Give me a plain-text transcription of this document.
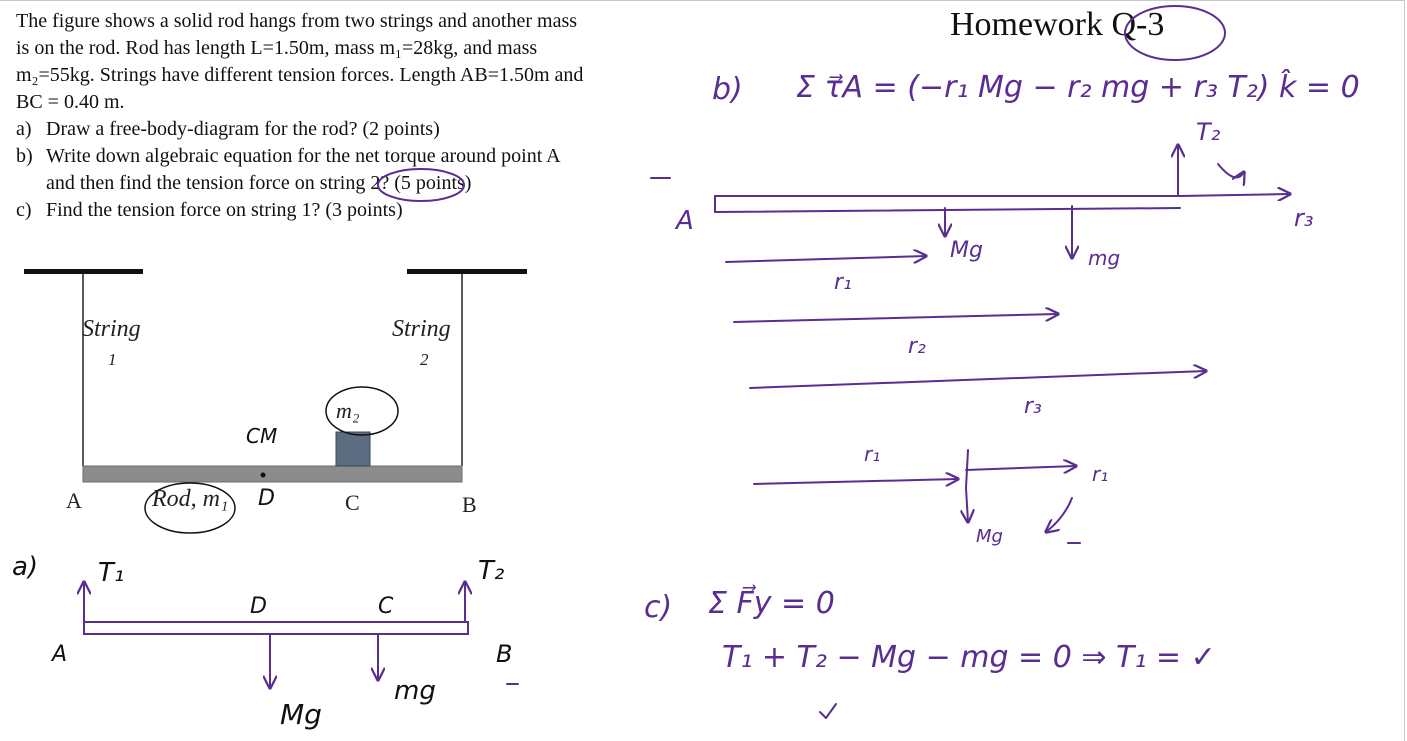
The figure shows a solid rod hangs from two strings and another mass

is on the rod. Rod has length L=1.50m, mass m₁=28kg, and mass

m₂=55kg. Strings have different tension forces. Length AB=1.50m and

BC = 0.40 m.

a) Draw a free-body-diagram for the rod? (2 points)
b) Write down algebraic equation for the net torque around point A
and then find the tension force on string 2? (5 points)
c) Find the tension force on string 1? (3 points)
Homework Q-3
String
1
String
2
m₂
A	Rod, m₁	C	B
CM
D
a) T₁	T₂
D	C
A	B
Mg
mg
b) Σ τ⃗A = (−r₁ Mg − r₂ mg + r₃ T₂) k̂ = 0
T₂
A	r₃
Mg	mg
r₁
r₂
r₃
r₁
r₁
Mg
c) Σ F⃗y = 0
T₁ + T₂ − Mg − mg = 0 ⇒ T₁ = ✓
